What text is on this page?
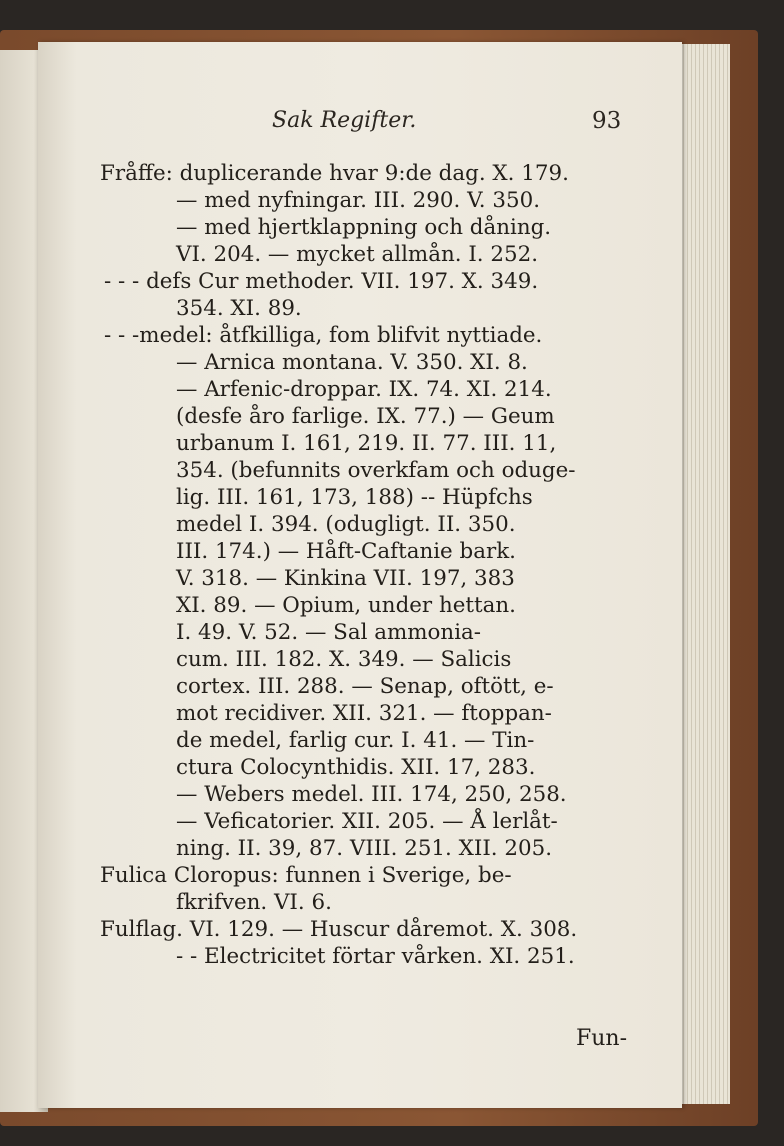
Sak Regifter.	93
Fråffe: duplicerande hvar 9:de dag. X. 179.
— med nyfningar. III. 290. V. 350.
— med hjertklappning och dåning.
VI. 204. — mycket allmån. I. 252.
- - - defs Cur methoder. VII. 197. X. 349.
354. XI. 89.
- - -medel: åtfkilliga, fom blifvit nyttiade.
— Arnica montana. V. 350. XI. 8.
— Arfenic-droppar. IX. 74. XI. 214.
(desfe åro farlige. IX. 77.) — Geum
urbanum I. 161, 219. II. 77. III. 11,
354. (befunnits overkfam och oduge-
lig. III. 161, 173, 188) -- Hüpfchs
medel I. 394. (odugligt. II. 350.
III. 174.) — Håft-Caftanie bark.
V. 318. — Kinkina VII. 197, 383
XI. 89. — Opium, under hettan.
I. 49. V. 52. — Sal ammonia-
cum. III. 182. X. 349. — Salicis
cortex. III. 288. — Senap, oftött, e-
mot recidiver. XII. 321. — ftoppan-
de medel, farlig cur. I. 41. — Tin-
ctura Colocynthidis. XII. 17, 283.
— Webers medel. III. 174, 250, 258.
— Veficatorier. XII. 205. — Å lerlåt-
ning. II. 39, 87. VIII. 251. XII. 205.
Fulica Cloropus: funnen i Sverige, be-
fkrifven. VI. 6.
Fulflag. VI. 129. — Huscur dåremot. X. 308.
- - Electricitet förtar vårken. XI. 251.
Fun-
